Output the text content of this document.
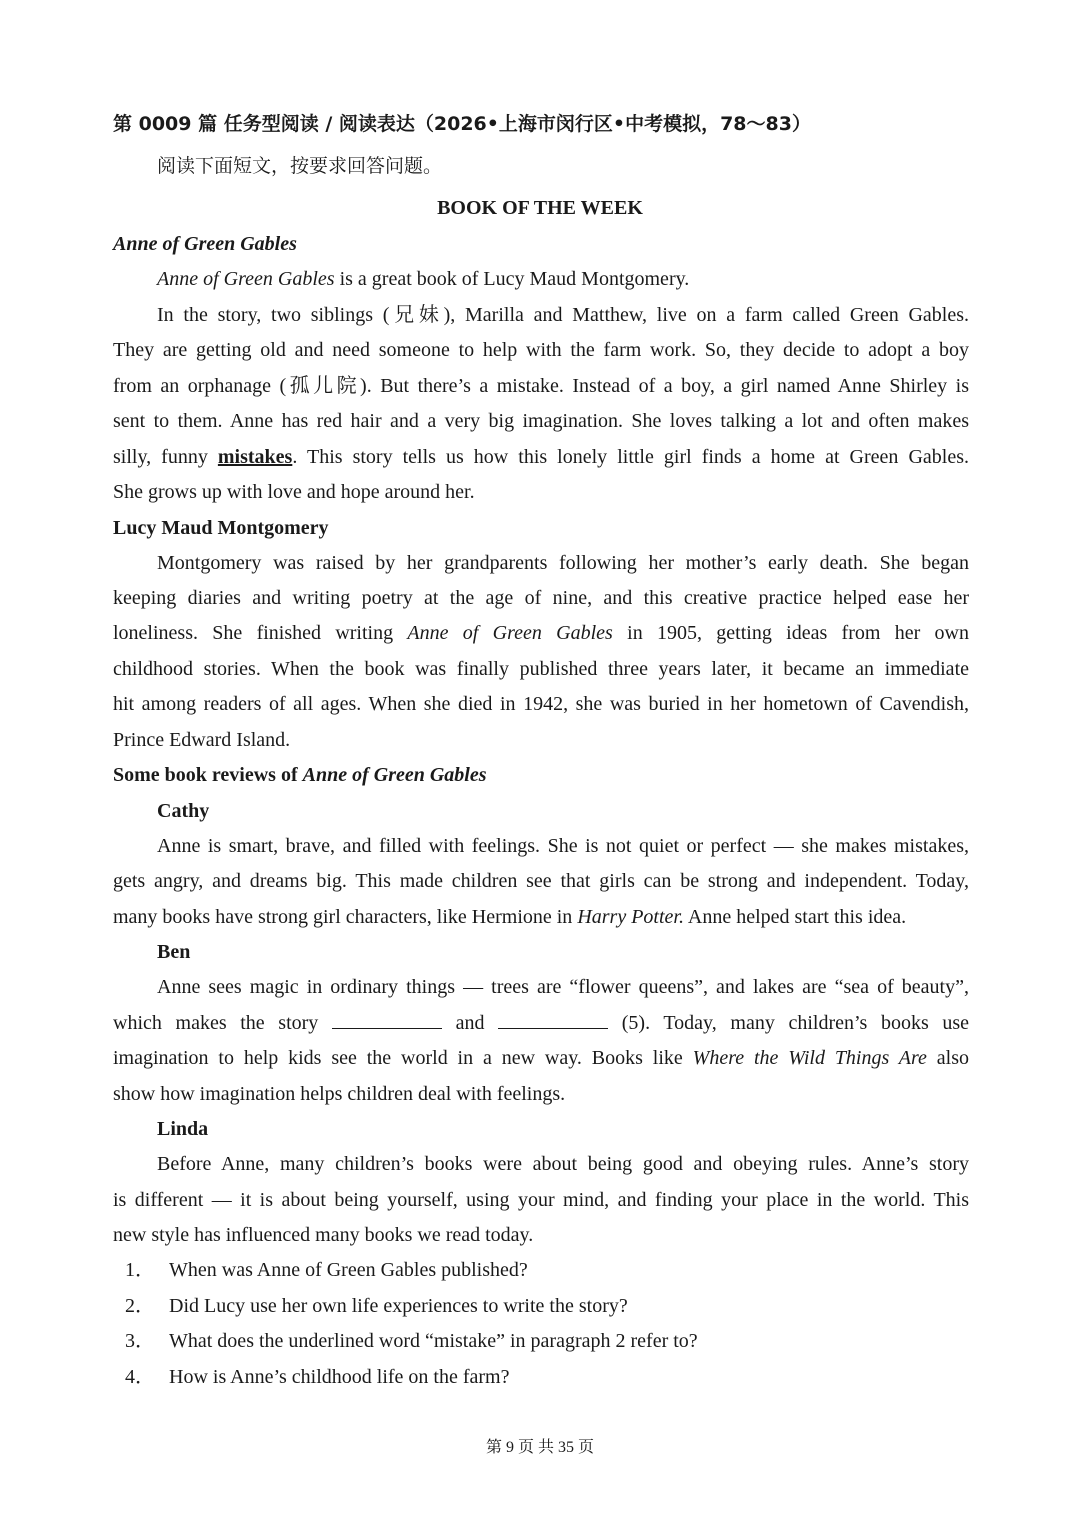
第 0009 篇 任务型阅读 / 阅读表达（2026•上海市闵行区•中考模拟，78～83）
阅读下面短文，按要求回答问题。
BOOK OF THE WEEK
Anne of Green Gables
Anne of Green Gables is a great book of Lucy Maud Montgomery.
In the story, two siblings (兄妹), Marilla and Matthew, live on a farm called Green Gables.
They are getting old and need someone to help with the farm work. So, they decide to adopt a boy
from an orphanage (孤儿院). But there’s a mistake. Instead of a boy, a girl named Anne Shirley is
sent to them. Anne has red hair and a very big imagination. She loves talking a lot and often makes
silly, funny mistakes. This story tells us how this lonely little girl finds a home at Green Gables.
She grows up with love and hope around her.
Lucy Maud Montgomery
Montgomery was raised by her grandparents following her mother’s early death. She began
keeping diaries and writing poetry at the age of nine, and this creative practice helped ease her
loneliness. She finished writing Anne of Green Gables in 1905, getting ideas from her own
childhood stories. When the book was finally published three years later, it became an immediate
hit among readers of all ages. When she died in 1942, she was buried in her hometown of Cavendish,
Prince Edward Island.
Some book reviews of Anne of Green Gables
Cathy
Anne is smart, brave, and filled with feelings. She is not quiet or perfect — she makes mistakes,
gets angry, and dreams big. This made children see that girls can be strong and independent. Today,
many books have strong girl characters, like Hermione in Harry Potter. Anne helped start this idea.
Ben
Anne sees magic in ordinary things — trees are “flower queens”, and lakes are “sea of beauty”,
which makes the story	and	(5). Today, many children’s books use
imagination to help kids see the world in a new way. Books like Where the Wild Things Are also
show how imagination helps children deal with feelings.
Linda
Before Anne, many children’s books were about being good and obeying rules. Anne’s story
is different — it is about being yourself, using your mind, and finding your place in the world. This
new style has influenced many books we read today.
1． When was Anne of Green Gables published?
2． Did Lucy use her own life experiences to write the story?
3． What does the underlined word “mistake” in paragraph 2 refer to?
4． How is Anne’s childhood life on the farm?
第 9 页 共 35 页
